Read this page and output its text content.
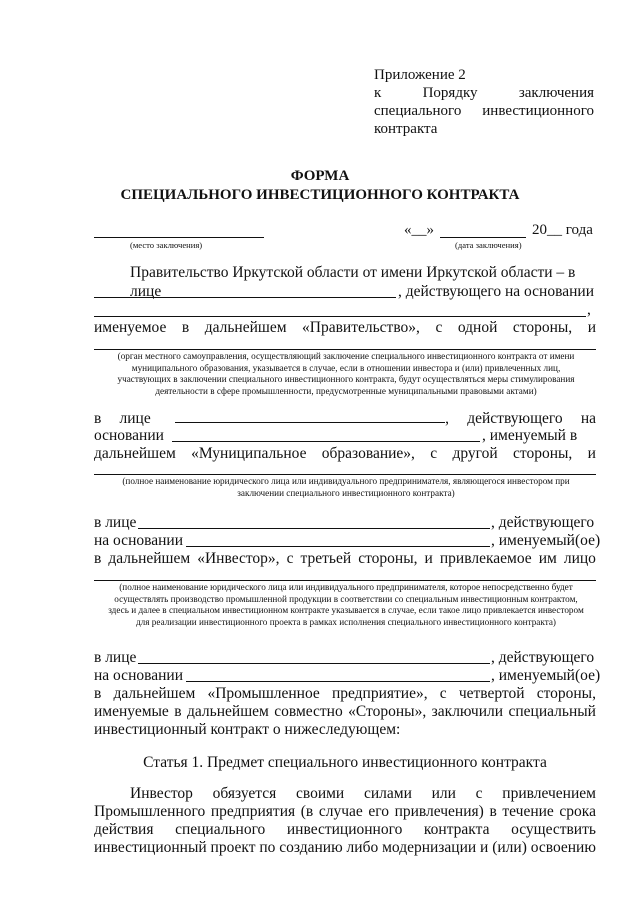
Приложение 2
к	Порядку	заключения
специального инвестиционного
контракта
ФОРМА
СПЕЦИАЛЬНОГО ИНВЕСТИЦИОННОГО КОНТРАКТА
(место заключения)
«__»	20__ года
(дата заключения)
Правительство Иркутской области от имени Иркутской области – в лице	, действующего на основании
,
именуемое в дальнейшем «Правительство», с одной стороны, и
(орган местного самоуправления, осуществляющий заключение специального инвестиционного контракта от имени муниципального образования, указывается в случае, если в отношении инвестора и (или) привлеченных лиц, участвующих в заключении специального инвестиционного контракта, будут осуществляться меры стимулирования деятельности в сфере промышленности, предусмотренные муниципальными правовыми актами)
в лице	, действующего на
основании	, именуемый в
дальнейшем «Муниципальное образование», с другой стороны, и
(полное наименование юридического лица или индивидуального предпринимателя, являющегося инвестором при заключении специального инвестиционного контракта)
в лице	, действующего
на основании	, именуемый(ое)
в дальнейшем «Инвестор», с третьей стороны, и привлекаемое им лицо
(полное наименование юридического лица или индивидуального предпринимателя, которое непосредственно будет осуществлять производство промышленной продукции в соответствии со специальным инвестиционным контрактом, здесь и далее в специальном инвестиционном контракте указывается в случае, если такое лицо привлекается инвестором для реализации инвестиционного проекта в рамках исполнения специального инвестиционного контракта)
в лице	, действующего
на основании	, именуемый(ое)
в дальнейшем «Промышленное предприятие», с четвертой стороны,
именуемые в дальнейшем совместно «Стороны», заключили специальный
инвестиционный контракт о нижеследующем:
Статья 1. Предмет специального инвестиционного контракта
Инвестор обязуется своими силами или с привлечением
Промышленного предприятия (в случае его привлечения) в течение срока
действия специального инвестиционного контракта осуществить
инвестиционный проект по созданию либо модернизации и (или) освоению
